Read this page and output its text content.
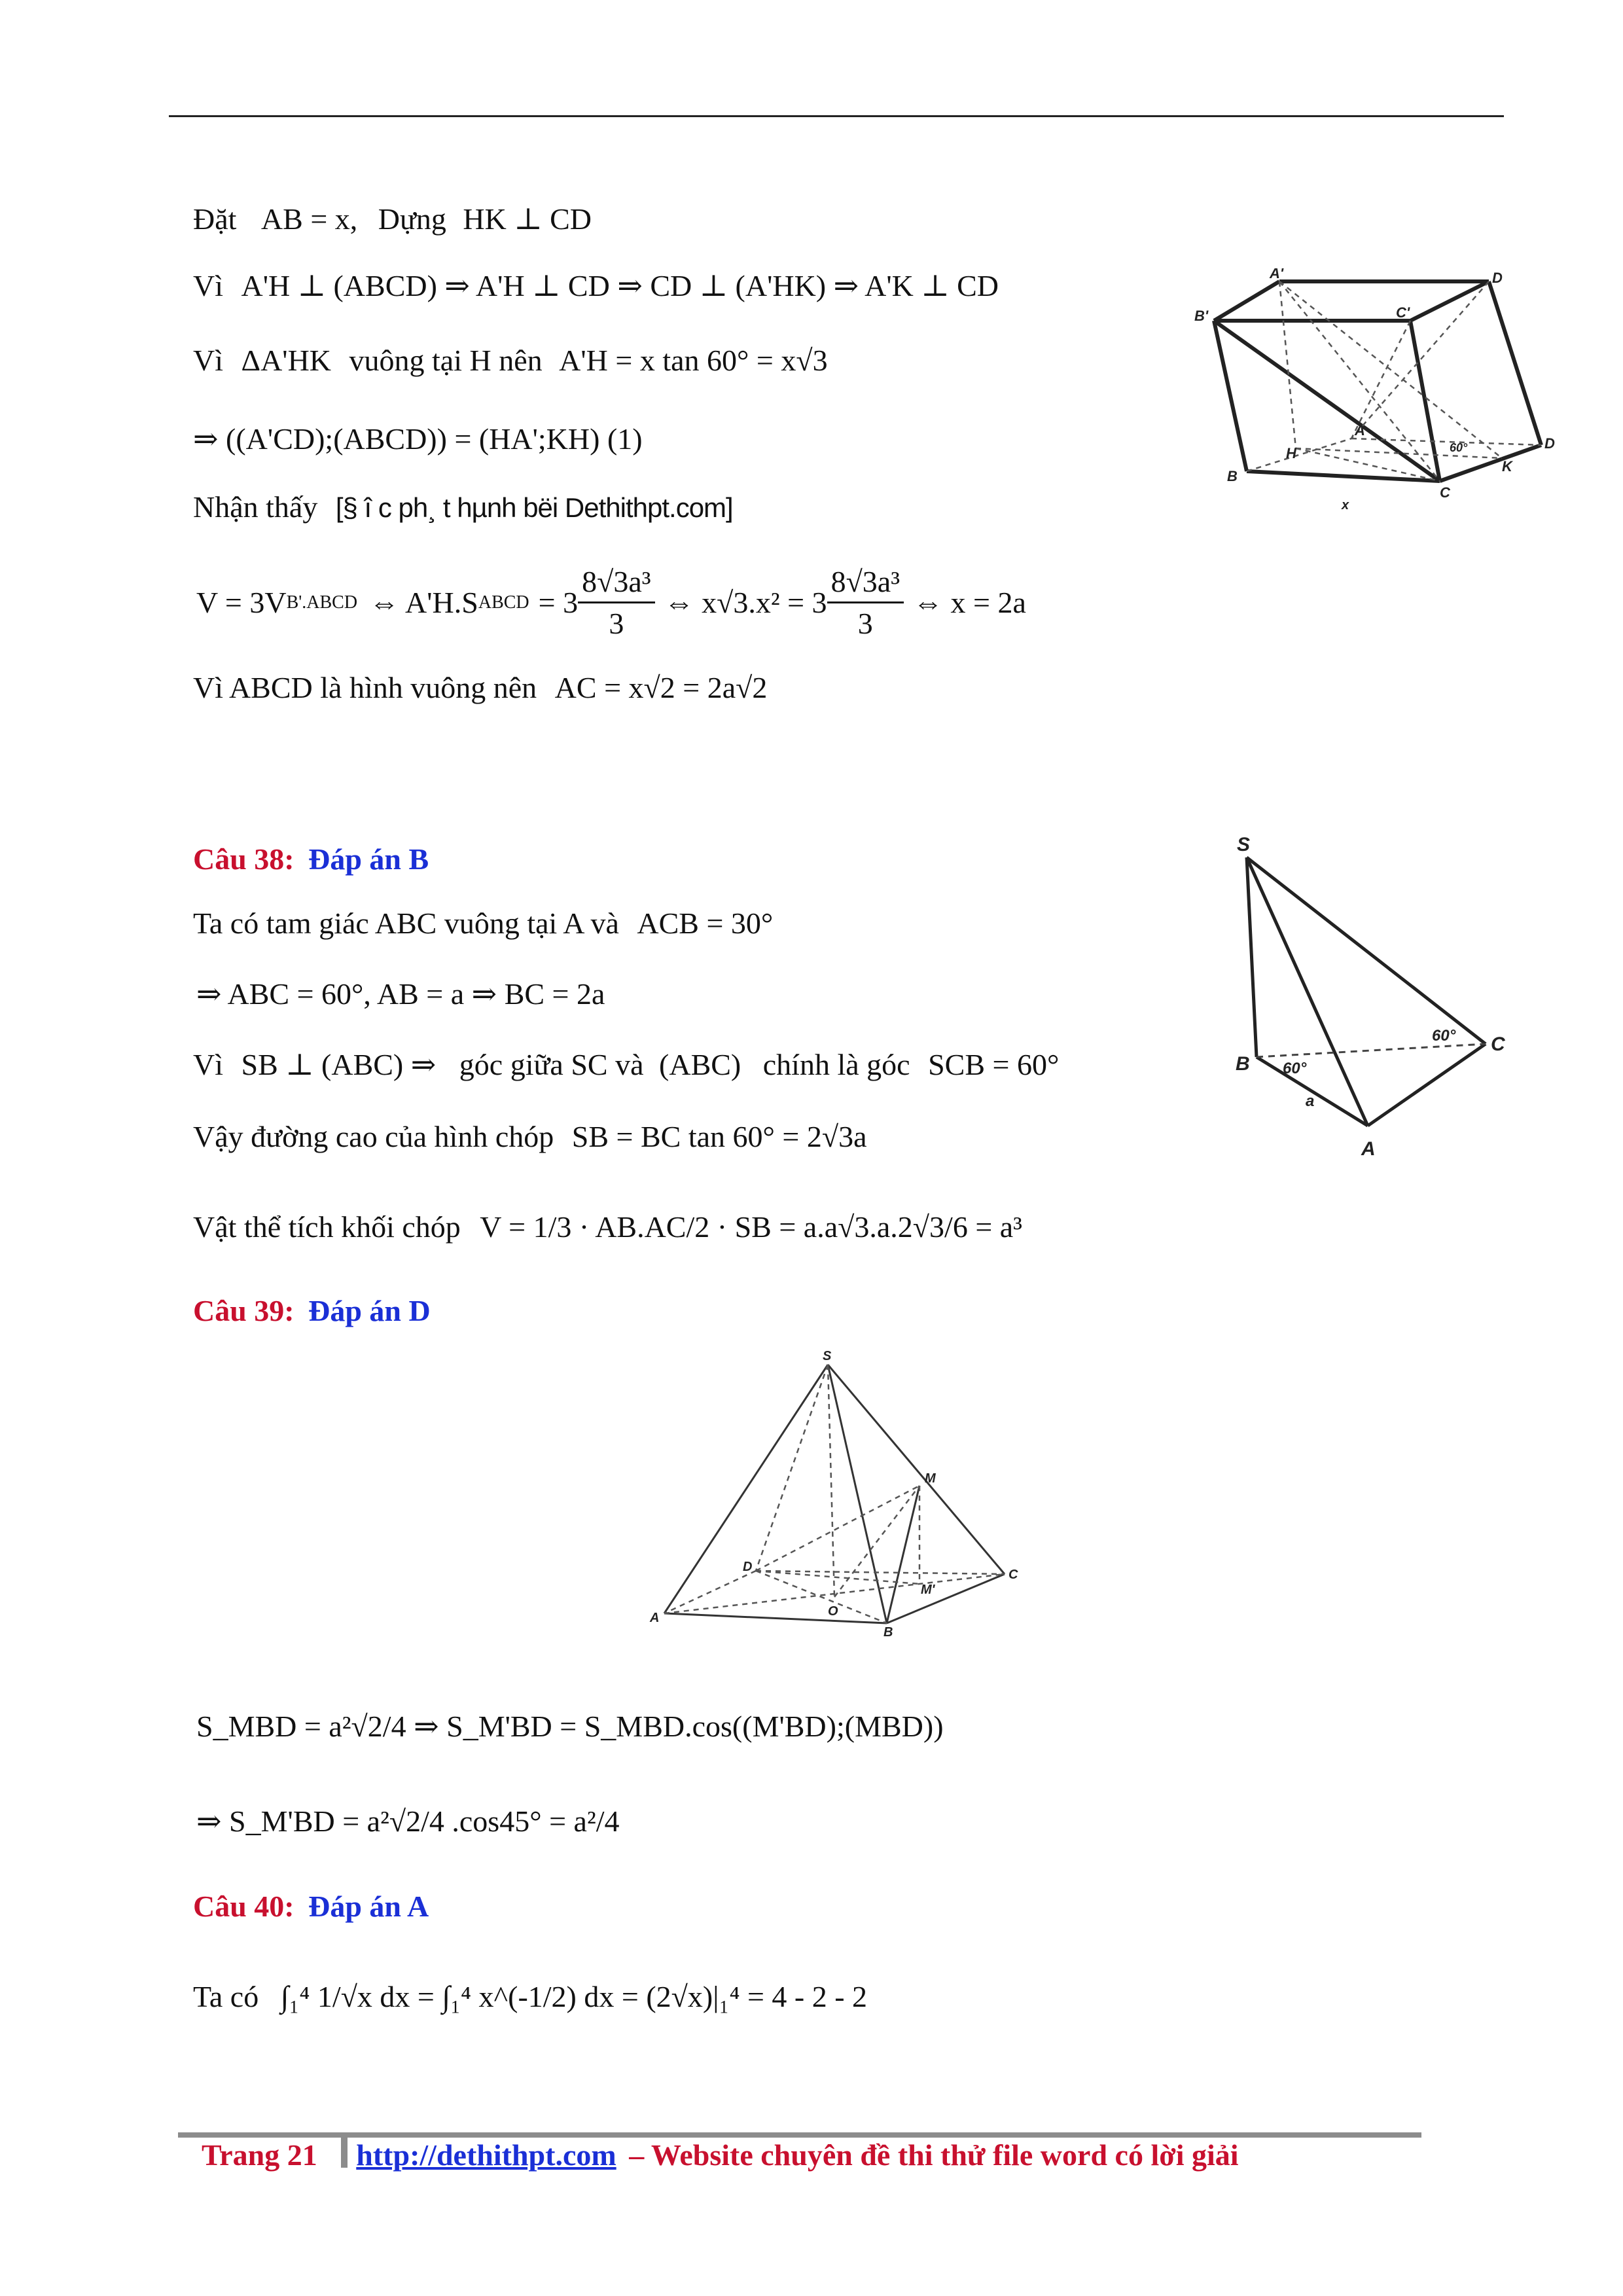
Đặt AB = x, Dựng HK ⊥ CD
Vì A'H ⊥ (ABCD) ⇒ A'H ⊥ CD ⇒ CD ⊥ (A'HK) ⇒ A'K ⊥ CD
Vì ΔA'HK vuông tại H nên A'H = x tan 60° = x√3
⇒ ((A'CD);(ABCD)) = (HA';KH) (1)
Nhận thấy [§ î c ph¸ t hµnh bëi Dethithpt.com]
V = 3V B'.ABCD ⇔ A'H.S ABCD = $3 \frac{\text{8√3a³}}{3}$ ⇔ $x√3.x^2 = 3 \frac{\text{8√3a³}}{3}$ ⇔ x = 2a
Vì ABCD là hình vuông nên AC = x√2 = 2a√2
A'	D
B'	C'
H
A
B
C
K
D
x
60°
Câu 38: Đáp án B
Ta có tam giác ABC vuông tại A và ACB = 30°
⇒ ABC = 60°, AB = a ⇒ BC = 2a
Vì SB ⊥ (ABC) ⇒ góc giữa SC và (ABC) chính là góc SCB = 60°
Vậy đường cao của hình chóp SB = BC tan 60° = 2√3a
Vật thể tích khối chóp V = 1/3 · AB.AC/2 · SB = a.a√3.a.2√3/6 = a³
S
B
C
A
60°
60°
a
Câu 39: Đáp án D
S
M
D
O
M'
C
A
B
S_MBD = a²√2/4 ⇒ S_M'BD = S_MBD.cos((M'BD);(MBD))
⇒ S_M'BD = a²√2/4 .cos45° = a²/4
Câu 40: Đáp án A
Ta có ∫₁⁴ 1/√x dx = ∫₁⁴ x^(-1/2) dx = (2√x)|₁⁴ = 4 - 2 - 2
Trang 21 http://dethithpt.com – Website chuyên đề thi thử file word có lời giải
